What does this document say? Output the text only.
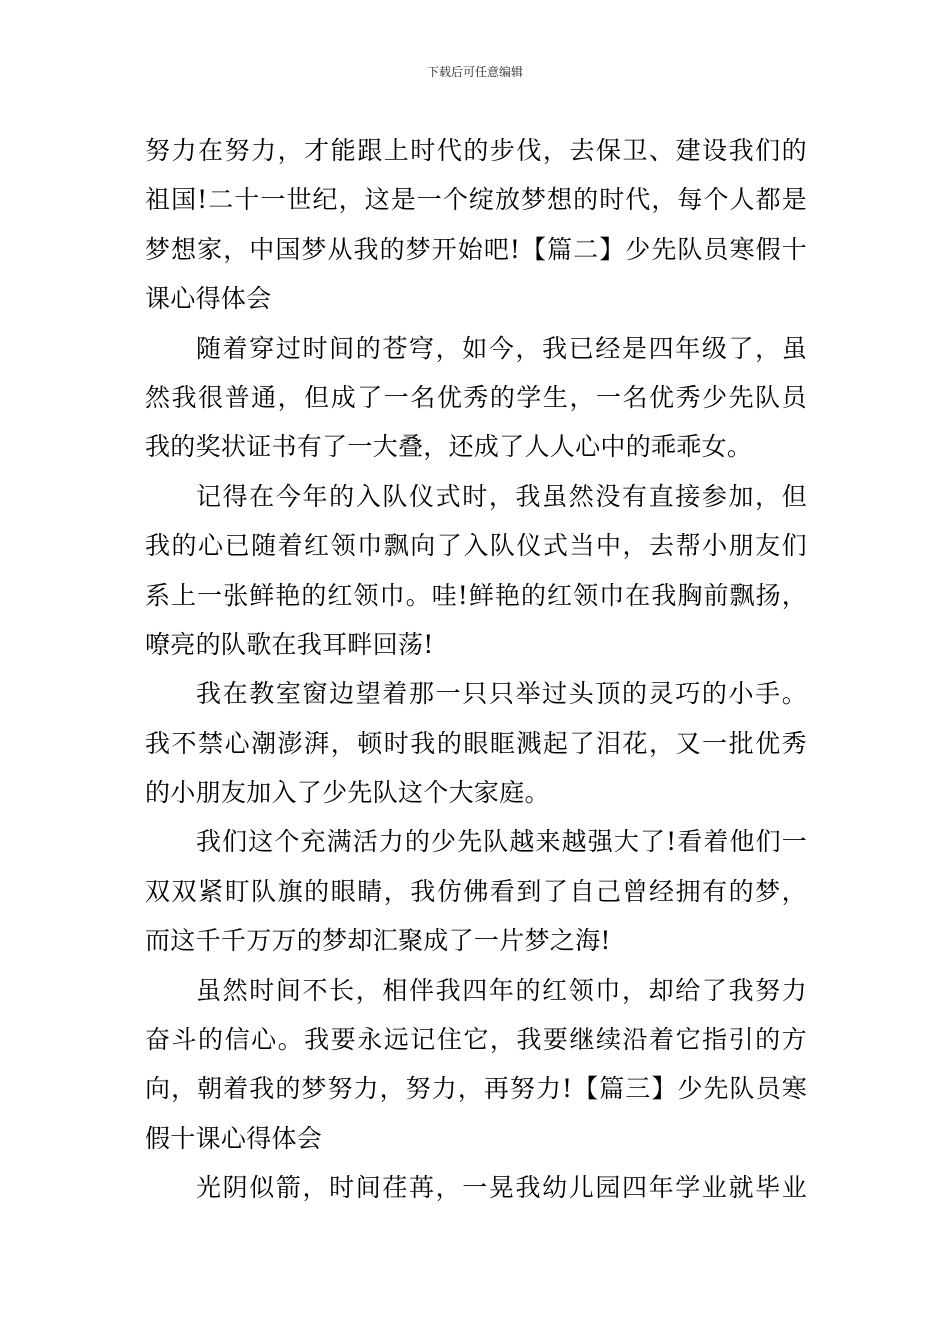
下载后可任意编辑
努力在努力，才能跟上时代的步伐，去保卫、建设我们的
祖国!二十一世纪，这是一个绽放梦想的时代，每个人都是
梦想家，中国梦从我的梦开始吧!【篇二】少先队员寒假十
课心得体会
随着穿过时间的苍穹，如今，我已经是四年级了，虽
然我很普通，但成了一名优秀的学生，一名优秀少先队员
我的奖状证书有了一大叠，还成了人人心中的乖乖女。
记得在今年的入队仪式时，我虽然没有直接参加，但
我的心已随着红领巾飘向了入队仪式当中，去帮小朋友们
系上一张鲜艳的红领巾。哇!鲜艳的红领巾在我胸前飘扬，
嘹亮的队歌在我耳畔回荡!
我在教室窗边望着那一只只举过头顶的灵巧的小手。
我不禁心潮澎湃，顿时我的眼眶溅起了泪花，又一批优秀
的小朋友加入了少先队这个大家庭。
我们这个充满活力的少先队越来越强大了!看着他们一
双双紧盯队旗的眼睛，我仿佛看到了自己曾经拥有的梦，
而这千千万万的梦却汇聚成了一片梦之海!
虽然时间不长，相伴我四年的红领巾，却给了我努力
奋斗的信心。我要永远记住它，我要继续沿着它指引的方
向，朝着我的梦努力，努力，再努力!【篇三】少先队员寒
假十课心得体会
光阴似箭，时间荏苒，一晃我幼儿园四年学业就毕业
